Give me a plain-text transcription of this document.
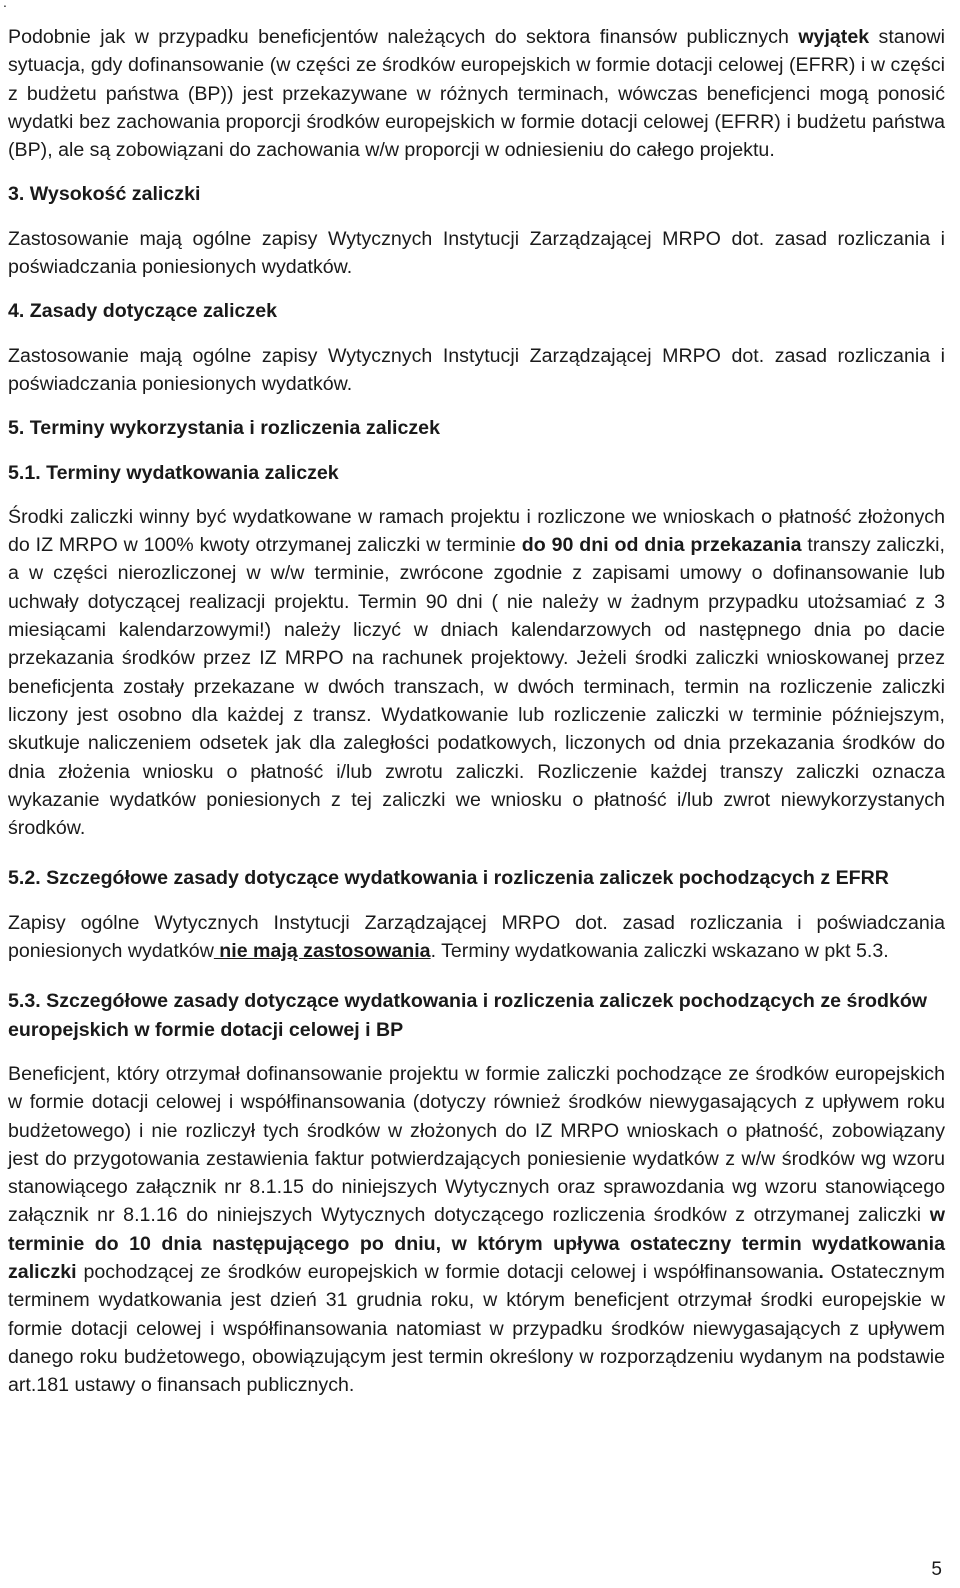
.

Podobnie jak w przypadku beneficjentów należących do sektora finansów publicznych wyjątek stanowi sytuacja, gdy dofinansowanie (w części ze środków europejskich w formie dotacji celowej (EFRR) i w części z budżetu państwa (BP)) jest przekazywane w różnych terminach, wówczas beneficjenci mogą ponosić wydatki bez zachowania proporcji środków europejskich w formie dotacji celowej (EFRR) i budżetu państwa (BP), ale są zobowiązani do zachowania w/w proporcji w odniesieniu do całego projektu.

3. Wysokość zaliczki

Zastosowanie mają ogólne zapisy Wytycznych Instytucji Zarządzającej MRPO dot. zasad rozliczania i poświadczania poniesionych wydatków.

4. Zasady dotyczące zaliczek

Zastosowanie mają ogólne zapisy Wytycznych Instytucji Zarządzającej MRPO dot. zasad rozliczania i poświadczania poniesionych wydatków.

5. Terminy wykorzystania i rozliczenia zaliczek
5.1. Terminy wydatkowania zaliczek

Środki zaliczki winny być wydatkowane w ramach projektu i rozliczone we wnioskach o płatność złożonych do IZ MRPO w 100% kwoty otrzymanej zaliczki w terminie do 90 dni od dnia przekazania transzy zaliczki, a w części nierozliczonej w w/w terminie, zwrócone zgodnie z zapisami umowy o dofinansowanie lub uchwały dotyczącej realizacji projektu. Termin 90 dni ( nie należy w żadnym przypadku utożsamiać z 3 miesiącami kalendarzowymi!) należy liczyć w dniach kalendarzowych od następnego dnia po dacie przekazania środków przez IZ MRPO na rachunek projektowy. Jeżeli środki zaliczki wnioskowanej przez beneficjenta zostały przekazane w dwóch transzach, w dwóch terminach, termin na rozliczenie zaliczki liczony jest osobno dla każdej z transz. Wydatkowanie lub rozliczenie zaliczki w terminie późniejszym, skutkuje naliczeniem odsetek jak dla zaległości podatkowych, liczonych od dnia przekazania środków do dnia złożenia wniosku o płatność i/lub zwrotu zaliczki. Rozliczenie każdej transzy zaliczki oznacza wykazanie wydatków poniesionych z tej zaliczki we wniosku o płatność i/lub zwrot niewykorzystanych środków.

5.2. Szczegółowe zasady dotyczące wydatkowania i rozliczenia zaliczek pochodzących z EFRR

Zapisy ogólne Wytycznych Instytucji Zarządzającej MRPO dot. zasad rozliczania i poświadczania poniesionych wydatków nie mają zastosowania. Terminy wydatkowania zaliczki wskazano w pkt 5.3.

5.3. Szczegółowe zasady dotyczące wydatkowania i rozliczenia zaliczek pochodzących ze środków europejskich w formie dotacji celowej i BP

Beneficjent, który otrzymał dofinansowanie projektu w formie zaliczki pochodzące ze środków europejskich w formie dotacji celowej i współfinansowania (dotyczy również środków niewygasających z upływem roku budżetowego) i nie rozliczył tych środków w złożonych do IZ MRPO wnioskach o płatność, zobowiązany jest do przygotowania zestawienia faktur potwierdzających poniesienie wydatków z w/w środków wg wzoru stanowiącego załącznik nr 8.1.15 do niniejszych Wytycznych oraz sprawozdania wg wzoru stanowiącego załącznik nr 8.1.16 do niniejszych Wytycznych dotyczącego rozliczenia środków z otrzymanej zaliczki w terminie do 10 dnia następującego po dniu, w którym upływa ostateczny termin wydatkowania zaliczki pochodzącej ze środków europejskich w formie dotacji celowej i współfinansowania. Ostatecznym terminem wydatkowania jest dzień 31 grudnia roku, w którym beneficjent otrzymał środki europejskie w formie dotacji celowej i współfinansowania natomiast w przypadku środków niewygasających z upływem danego roku budżetowego, obowiązującym jest termin określony w rozporządzeniu wydanym na podstawie art.181 ustawy o finansach publicznych.

5
